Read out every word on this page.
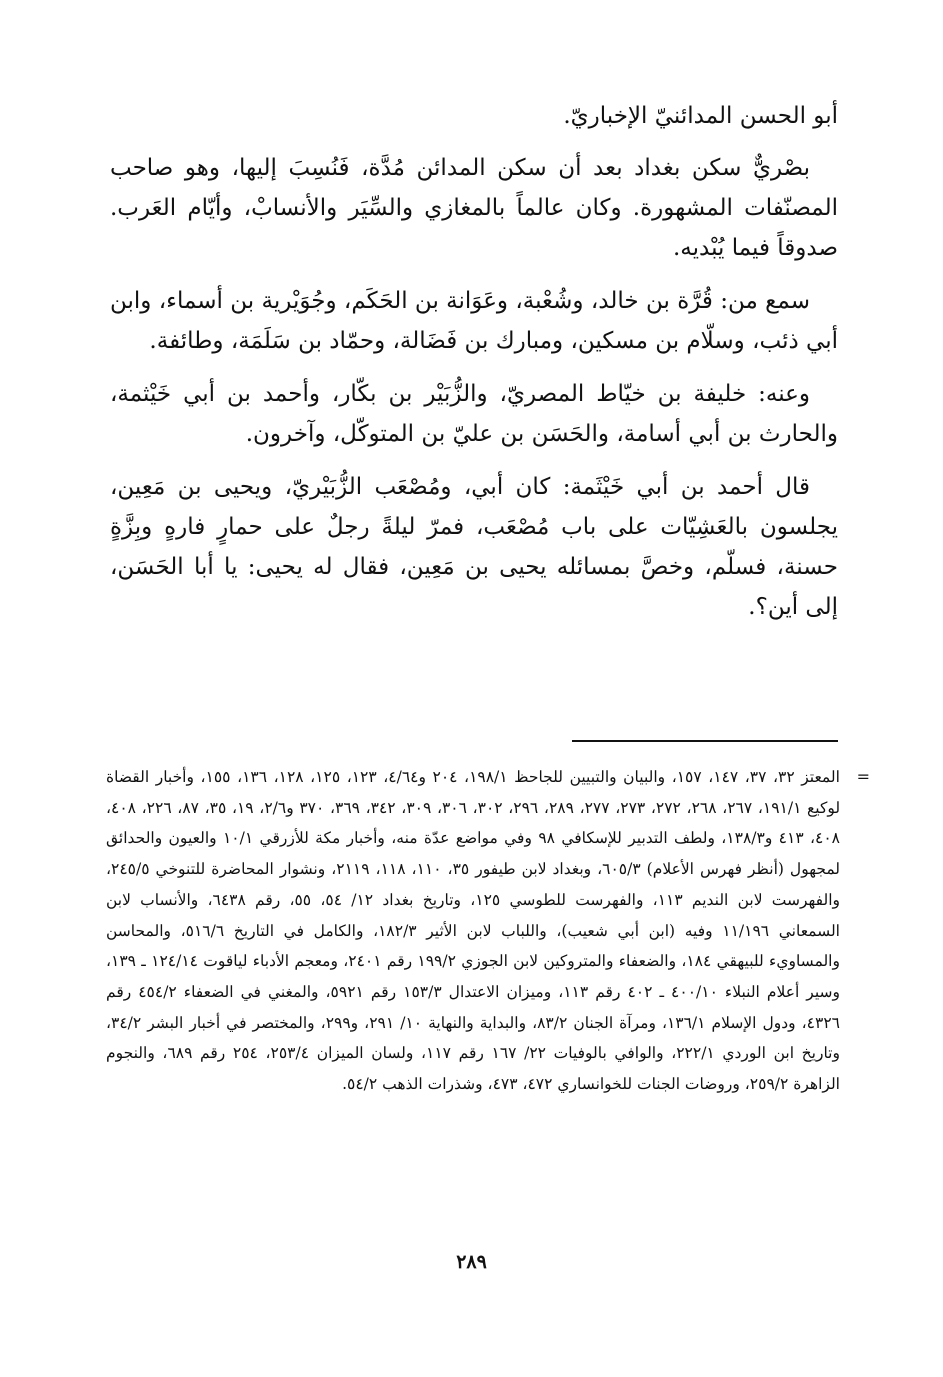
أبو الحسن المدائنيّ الإخباريّ.

بصْريٌّ سكن بغداد بعد أن سكن المدائن مُدَّة، فَنُسِبَ إليها، وهو صاحب المصنّفات المشهورة. وكان عالماً بالمغازي والسِّيَر والأنسابْ، وأيّام العَرب. صدوقاً فيما يُبْديه.

سمع من: قُرَّة بن خالد، وشُعْبة، وعَوَانة بن الحَكَم، وجُوَيْرية بن أسماء، وابن أبي ذئب، وسلّام بن مسكين، ومبارك بن فَضَالة، وحمّاد بن سَلَمَة، وطائفة.

وعنه: خليفة بن خيّاط المصريّ، والزُّبَيْر بن بكّار، وأحمد بن أبي خَيْثمة، والحارث بن أبي أسامة، والحَسَن بن عليّ بن المتوكّل، وآخرون.

قال أحمد بن أبي خَيْثَمة: كان أبي، ومُصْعَب الزُّبَيْريّ، ويحيى بن مَعِين، يجلسون بالعَشِيّات على باب مُصْعَب، فمرّ ليلةً رجلٌ على حمارٍ فارهٍ وبِزَّةٍ حسنة، فسلّم، وخصَّ بمسائله يحيى بن مَعِين، فقال له يحيى: يا أبا الحَسَن، إلى أين؟.

=
المعتز ٣٢، ٣٧، ١٤٧، ١٥٧، والبيان والتبيين للجاحظ ١٩٨/١، ٢٠٤ و٤/٦٤، ١٢٣، ١٢٥، ١٢٨، ١٣٦، ١٥٥، وأخبار القضاة لوكيع ١٩١/١، ٢٦٧، ٢٦٨، ٢٧٢، ٢٧٣، ٢٧٧، ٢٨٩، ٢٩٦، ٣٠٢، ٣٠٦، ٣٠٩، ٣٤٢، ٣٦٩، ٣٧٠ و٢/٦، ١٩، ٣٥، ٨٧، ٢٢٦، ٤٠٨، ٤٠٨، ٤١٣ و١٣٨/٣، ولطف التدبير للإسكافي ٩٨ وفي مواضع عدّة منه، وأخبار مكة للأزرقي ١٠/١ والعيون والحدائق لمجهول (أنظر فهرس الأعلام) ٦٠٥/٣، وبغداد لابن طيفور ٣٥، ١١٠، ١١٨، ٢١١٩، ونشوار المحاضرة للتنوخي ٢٤٥/٥، والفهرست لابن النديم ١١٣، والفهرست للطوسي ١٢٥، وتاريخ بغداد ١٢/ ٥٤، ٥٥، رقم ٦٤٣٨، والأنساب لابن السمعاني ١١/١٩٦ وفيه (ابن أبي شعيب)، واللباب لابن الأثير ١٨٢/٣، والكامل في التاريخ ٥١٦/٦، والمحاسن والمساويء للبيهقي ١٨٤، والضعفاء والمتروكين لابن الجوزي ١٩٩/٢ رقم ٢٤٠١، ومعجم الأدباء لياقوت ١٢٤/١٤ ـ ١٣٩، وسير أعلام النبلاء ٤٠٠/١٠ ـ ٤٠٢ رقم ١١٣، وميزان الاعتدال ١٥٣/٣ رقم ٥٩٢١، والمغني في الضعفاء ٤٥٤/٢ رقم ٤٣٢٦، ودول الإسلام ١٣٦/١، ومرآة الجنان ٨٣/٢، والبداية والنهاية ١٠/ ٢٩١، و٢٩٩، والمختصر في أخبار البشر ٣٤/٢، وتاريخ ابن الوردي ٢٢٢/١، والوافي بالوفيات ٢٢/ ١٦٧ رقم ١١٧، ولسان الميزان ٢٥٣/٤، ٢٥٤ رقم ٦٨٩، والنجوم الزاهرة ٢٥٩/٢، وروضات الجنات للخوانساري ٤٧٢، ٤٧٣، وشذرات الذهب ٥٤/٢.
٢٨٩
